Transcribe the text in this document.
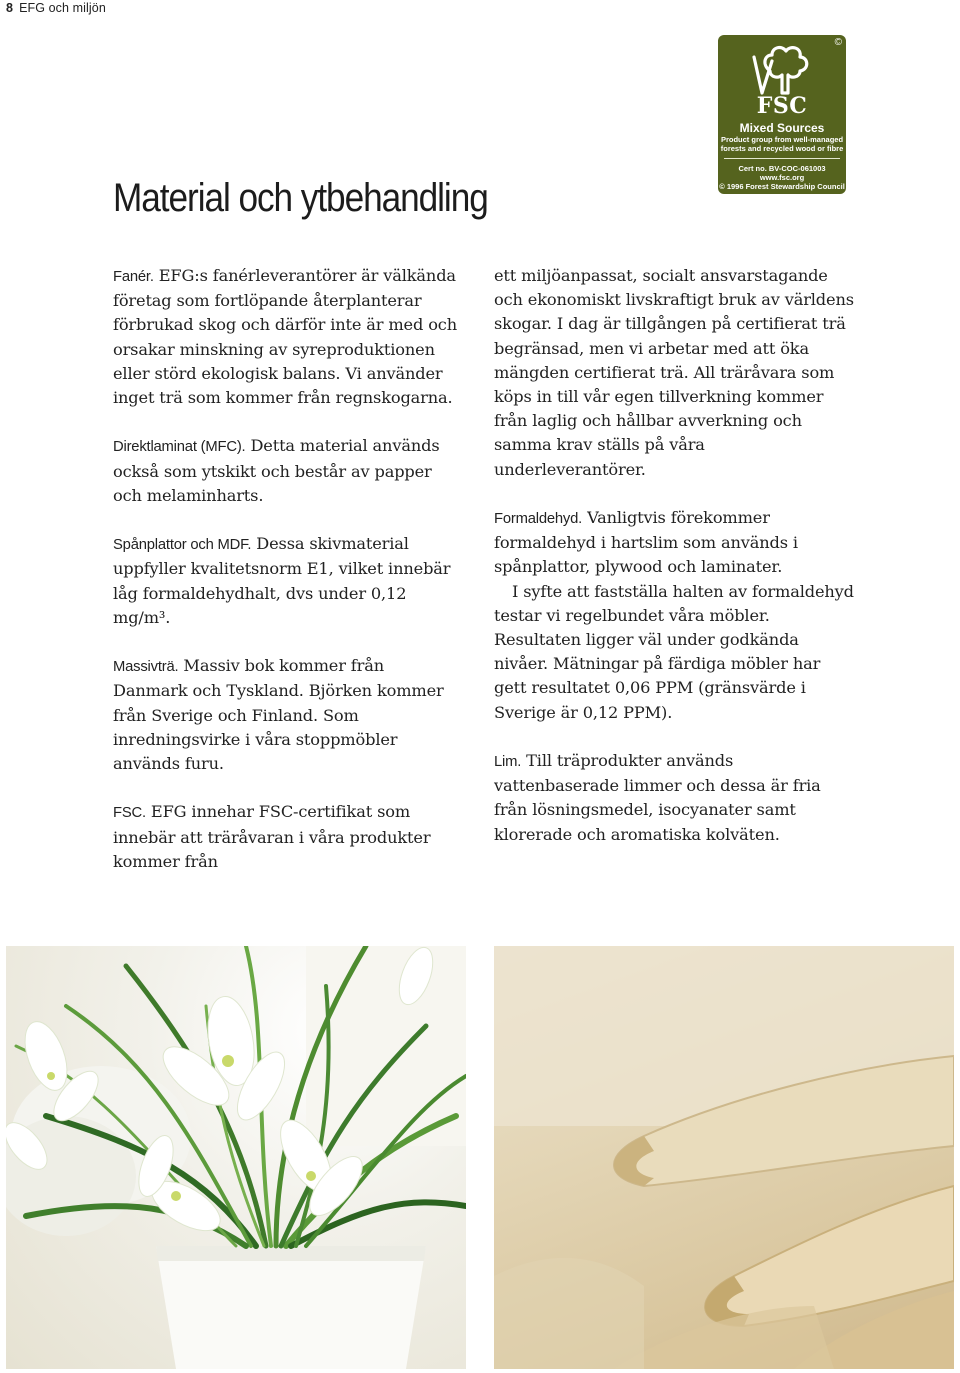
8 EFG och miljön
Material och ytbehandling
©
FSC
Mixed Sources
Product group from well-managed forests and recycled wood or fibre
Cert no. BV-COC-061003
www.fsc.org
© 1996 Forest Stewardship Council

Fanér. EFG:s fanérleverantörer är välkända företag som fortlöpande återplanterar förbrukad skog och därför inte är med och orsakar minskning av syreproduktionen eller störd ekologisk balans. Vi använder inget trä som kommer från regnskogarna.

Direktlaminat (MFC). Detta material används också som ytskikt och består av papper och melaminharts.

Spånplattor och MDF. Dessa skivmaterial uppfyller kvalitetsnorm E1, vilket innebär låg formaldehydhalt, dvs under 0,12 mg/m³.

Massivträ. Massiv bok kommer från Danmark och Tyskland. Björken kommer från Sverige och Finland. Som inredningsvirke i våra stoppmöbler används furu.

FSC. EFG innehar FSC-certifikat som innebär att träråvaran i våra produkter kommer från

ett miljöanpassat, socialt ansvarstagande och ekonomiskt livskraftigt bruk av världens skogar. I dag är tillgången på certifierat trä begränsad, men vi arbetar med att öka mängden certifierat trä. All träråvara som köps in till vår egen tillverkning kommer från laglig och hållbar avverkning och samma krav ställs på våra underleverantörer.

Formaldehyd. Vanligtvis förekommer formaldehyd i hartslim som används i spånplattor, plywood och laminater.

I syfte att fastställa halten av formaldehyd testar vi regelbundet våra möbler. Resultaten ligger väl under godkända nivåer. Mätningar på färdiga möbler har gett resultatet 0,06 PPM (gränsvärde i Sverige är 0,12 PPM).

Lim. Till träprodukter används vattenbaserade limmer och dessa är fria från lösningsmedel, isocyanater samt klorerade och aromatiska kolväten.
